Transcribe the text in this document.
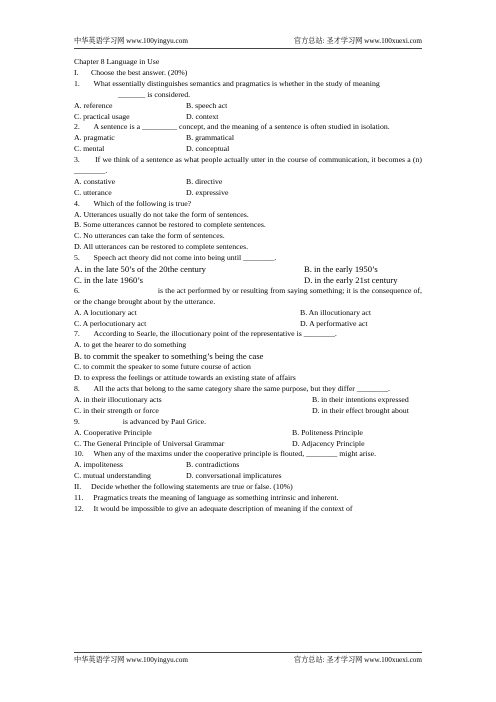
中华英语学习网 www.100yingyu.com	官方总站: 圣才学习网 www.100xuexi.com

Chapter 8 Language in Use

I. Choose the best answer. (20%)

1.       What essentially distinguishes semantics and pragmatics is whether in the study of meaning

_______ is considered.

A. reference	B. speech act
C. practical usage	D. context

2.       A sentence is a _________ concept, and the meaning of a sentence is often studied in isolation.

A. pragmatic	B. grammatical
C. mental	D. conceptual

3.       If we think of a sentence as what people actually utter in the course of communication, it becomes a (n) ________.

A. constative	B. directive
C. utterance	D. expressive

4.       Which of the following is true?

A. Utterances usually do not take the form of sentences.

B. Some utterances cannot be restored to complete sentences.

C. No utterances can take the form of sentences.

D. All utterances can be restored to complete sentences.

5.       Speech act theory did not come into being until ________.

A. in the late 50’s of the 20the century	B. in the early 1950’s
C. in the late 1960’s	D. in the early 21st century

6.                                      is the act performed by or resulting from saying something; it is the consequence of, or the change brought about by the utterance.

A. A locutionary act	B. An illocutionary act
C. A perlocutionary act	D. A performative act

7.       According to Searle, the illocutionary point of the representative is ________.

A. to get the hearer to do something

B. to commit the speaker to something’s being the case

C. to commit the speaker to some future course of action

D. to express the feelings or attitude towards an existing state of affairs

8.       All the acts that belong to the same category share the same purpose, but they differ ________.

A. in their illocutionary acts	B. in their intentions expressed
C. in their strength or force	D. in their effect brought about

9.                      is advanced by Paul Grice.

A. Cooperative Principle	B. Politeness Principle
C. The General Principle of Universal Grammar	D. Adjacency Principle

10.     When any of the maxims under the cooperative principle is flouted, ________ might arise.

A. impoliteness	B. contradictions
C. mutual understanding	D. conversational implicatures
II. Decide whether the following statements are true or false. (10%)

11.     Pragmatics treats the meaning of language as something intrinsic and inherent.

12.     It would be impossible to give an adequate description of meaning if the context of

中华英语学习网 www.100yingyu.com	官方总站: 圣才学习网 www.100xuexi.com
